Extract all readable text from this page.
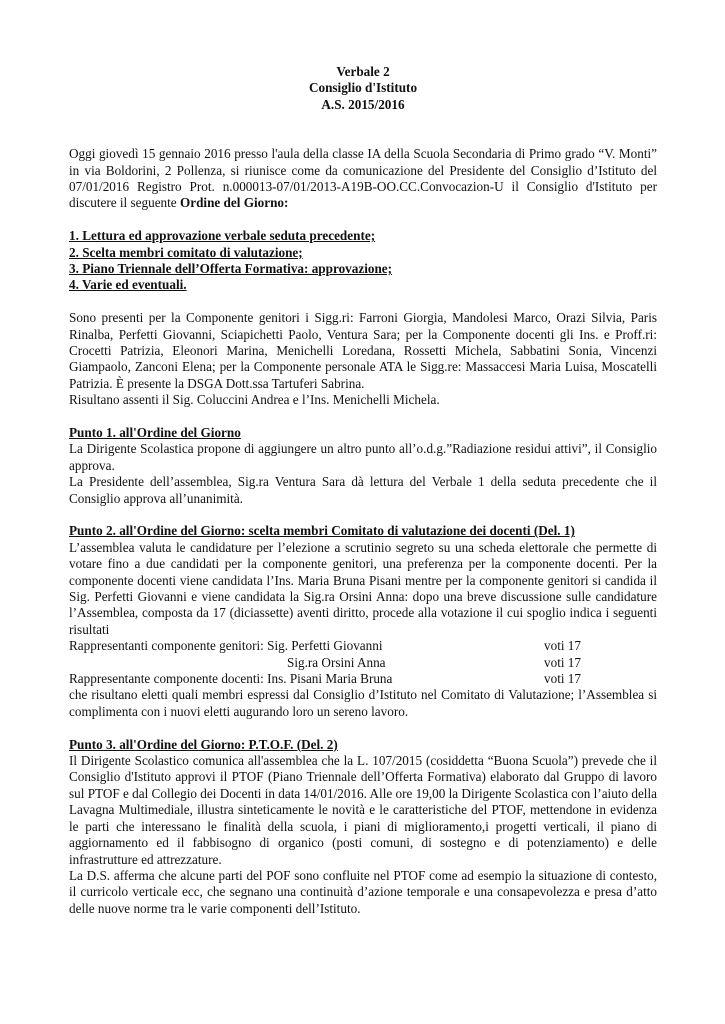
Verbale 2
Consiglio d'Istituto
A.S. 2015/2016

Oggi giovedì 15 gennaio 2016 presso l'aula della classe IA della Scuola Secondaria di Primo grado “V. Monti” in via Boldorini, 2 Pollenza, si riunisce come da comunicazione del Presidente del Consiglio d’Istituto del 07/01/2016 Registro Prot. n.000013-07/01/2013-A19B-OO.CC.Convocazion-U il Consiglio d'Istituto per discutere il seguente Ordine del Giorno:

1. Lettura ed approvazione verbale seduta precedente;
2. Scelta membri comitato di valutazione;
3. Piano Triennale dell’Offerta Formativa: approvazione;
4. Varie ed eventuali.

Sono presenti per la Componente genitori i Sigg.ri: Farroni Giorgia, Mandolesi Marco, Orazi Silvia, Paris Rinalba, Perfetti Giovanni, Sciapichetti Paolo, Ventura Sara; per la Componente docenti gli Ins. e Proff.ri: Crocetti Patrizia, Eleonori Marina, Menichelli Loredana, Rossetti Michela, Sabbatini Sonia, Vincenzi Giampaolo, Zanconi Elena; per la Componente personale ATA le Sigg.re: Massaccesi Maria Luisa, Moscatelli Patrizia. È presente la DSGA Dott.ssa Tartuferi Sabrina.

Risultano assenti il Sig. Coluccini Andrea e l’Ins. Menichelli Michela.

Punto 1. all'Ordine del Giorno

La Dirigente Scolastica propone di aggiungere un altro punto all’o.d.g.”Radiazione residui attivi”, il Consiglio approva.

La Presidente dell’assemblea, Sig.ra Ventura Sara dà lettura del Verbale 1 della seduta precedente che il Consiglio approva all’unanimità.

Punto 2. all'Ordine del Giorno: scelta membri Comitato di valutazione dei docenti (Del. 1)

L’assemblea valuta le candidature per l’elezione a scrutinio segreto su una scheda elettorale che permette di votare fino a due candidati per la componente genitori, una preferenza per la componente docenti. Per la componente docenti viene candidata l’Ins. Maria Bruna Pisani mentre per la componente genitori si candida il Sig. Perfetti Giovanni e viene candidata la Sig.ra Orsini Anna: dopo una breve discussione sulle candidature l’Assemblea, composta da 17 (diciassette) aventi diritto, procede alla votazione il cui spoglio indica i seguenti risultati

Rappresentanti componente genitori: Sig. Perfetti Giovanni	voti 17
Sig.ra Orsini Anna	voti 17
Rappresentante componente docenti: Ins. Pisani Maria Bruna	voti 17

che risultano eletti quali membri espressi dal Consiglio d’Istituto nel Comitato di Valutazione; l’Assemblea si complimenta con i nuovi eletti augurando loro un sereno lavoro.

Punto 3. all'Ordine del Giorno: P.T.O.F. (Del. 2)

Il Dirigente Scolastico comunica all'assemblea che la L. 107/2015 (cosiddetta “Buona Scuola”) prevede che il Consiglio d'Istituto approvi il PTOF (Piano Triennale dell’Offerta Formativa) elaborato dal Gruppo di lavoro sul PTOF e dal Collegio dei Docenti in data 14/01/2016. Alle ore 19,00 la Dirigente Scolastica con l’aiuto della Lavagna Multimediale, illustra sinteticamente le novità e le caratteristiche del PTOF, mettendone in evidenza le parti che interessano le finalità della scuola, i piani di miglioramento,i progetti verticali, il piano di aggiornamento ed il fabbisogno di organico (posti comuni, di sostegno e di potenziamento) e delle infrastrutture ed attrezzature.

La D.S. afferma che alcune parti del POF sono confluite nel PTOF come ad esempio la situazione di contesto, il curricolo verticale ecc, che segnano una continuità d’azione temporale e una consapevolezza e presa d’atto delle nuove norme tra le varie componenti dell’Istituto.
